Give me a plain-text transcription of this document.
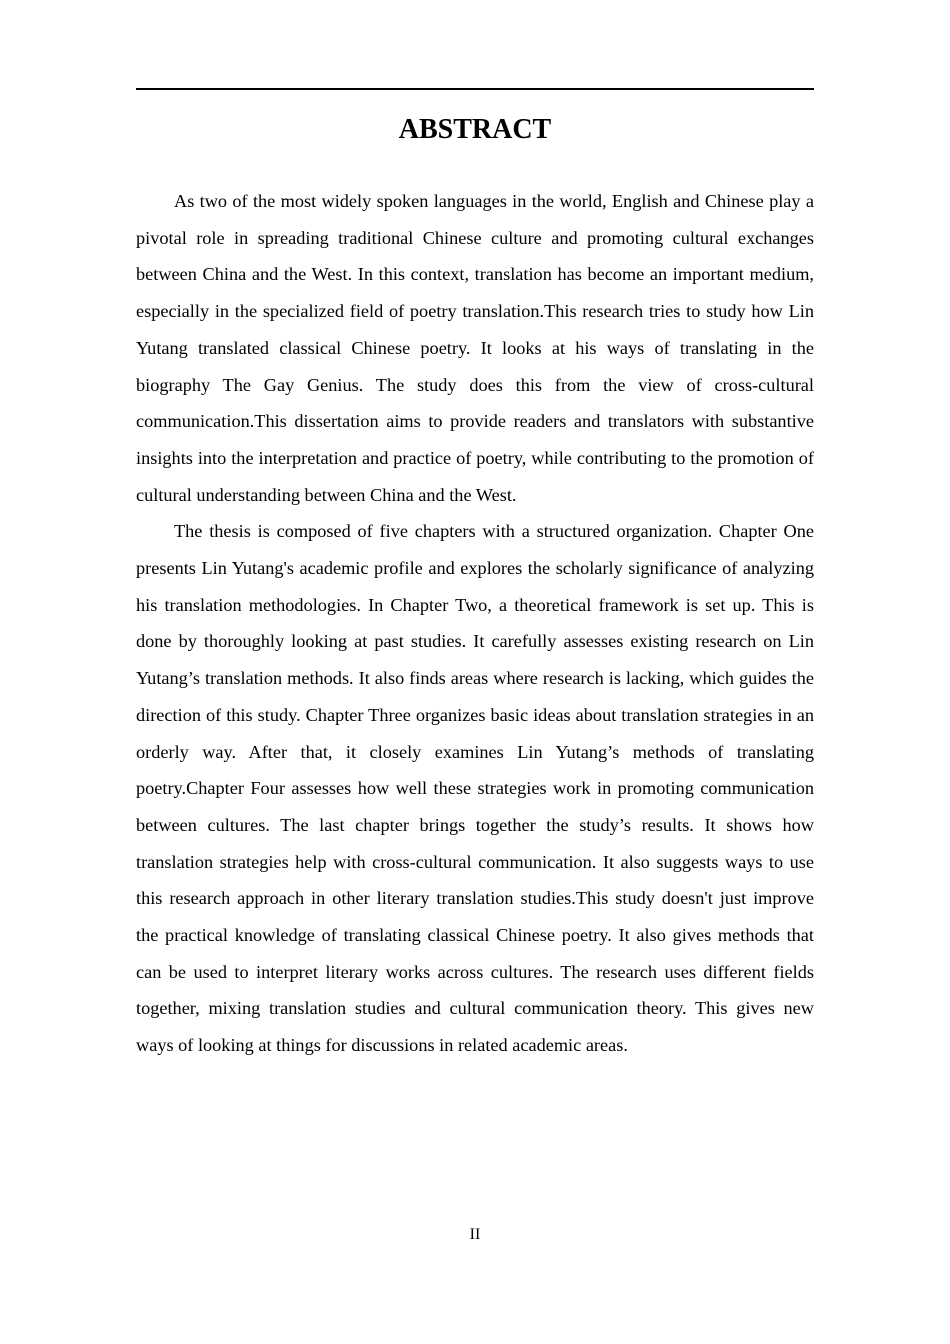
ABSTRACT

As two of the most widely spoken languages in the world, English and Chinese play a pivotal role in spreading traditional Chinese culture and promoting cultural exchanges between China and the West. In this context, translation has become an important medium, especially in the specialized field of poetry translation.This research tries to study how Lin Yutang translated classical Chinese poetry. It looks at his ways of translating in the biography The Gay Genius. The study does this from the view of cross-cultural communication.This dissertation aims to provide readers and translators with substantive insights into the interpretation and practice of poetry, while contributing to the promotion of cultural understanding between China and the West.

The thesis is composed of five chapters with a structured organization. Chapter One presents Lin Yutang's academic profile and explores the scholarly significance of analyzing his translation methodologies. In Chapter Two, a theoretical framework is set up. This is done by thoroughly looking at past studies. It carefully assesses existing research on Lin Yutang’s translation methods. It also finds areas where research is lacking, which guides the direction of this study. Chapter Three organizes basic ideas about translation strategies in an orderly way. After that, it closely examines Lin Yutang’s methods of translating poetry.Chapter Four assesses how well these strategies work in promoting communication between cultures. The last chapter brings together the study’s results. It shows how translation strategies help with cross-cultural communication. It also suggests ways to use this research approach in other literary translation studies.This study doesn't just improve the practical knowledge of translating classical Chinese poetry. It also gives methods that can be used to interpret literary works across cultures. The research uses different fields together, mixing translation studies and cultural communication theory. This gives new ways of looking at things for discussions in related academic areas.

II
